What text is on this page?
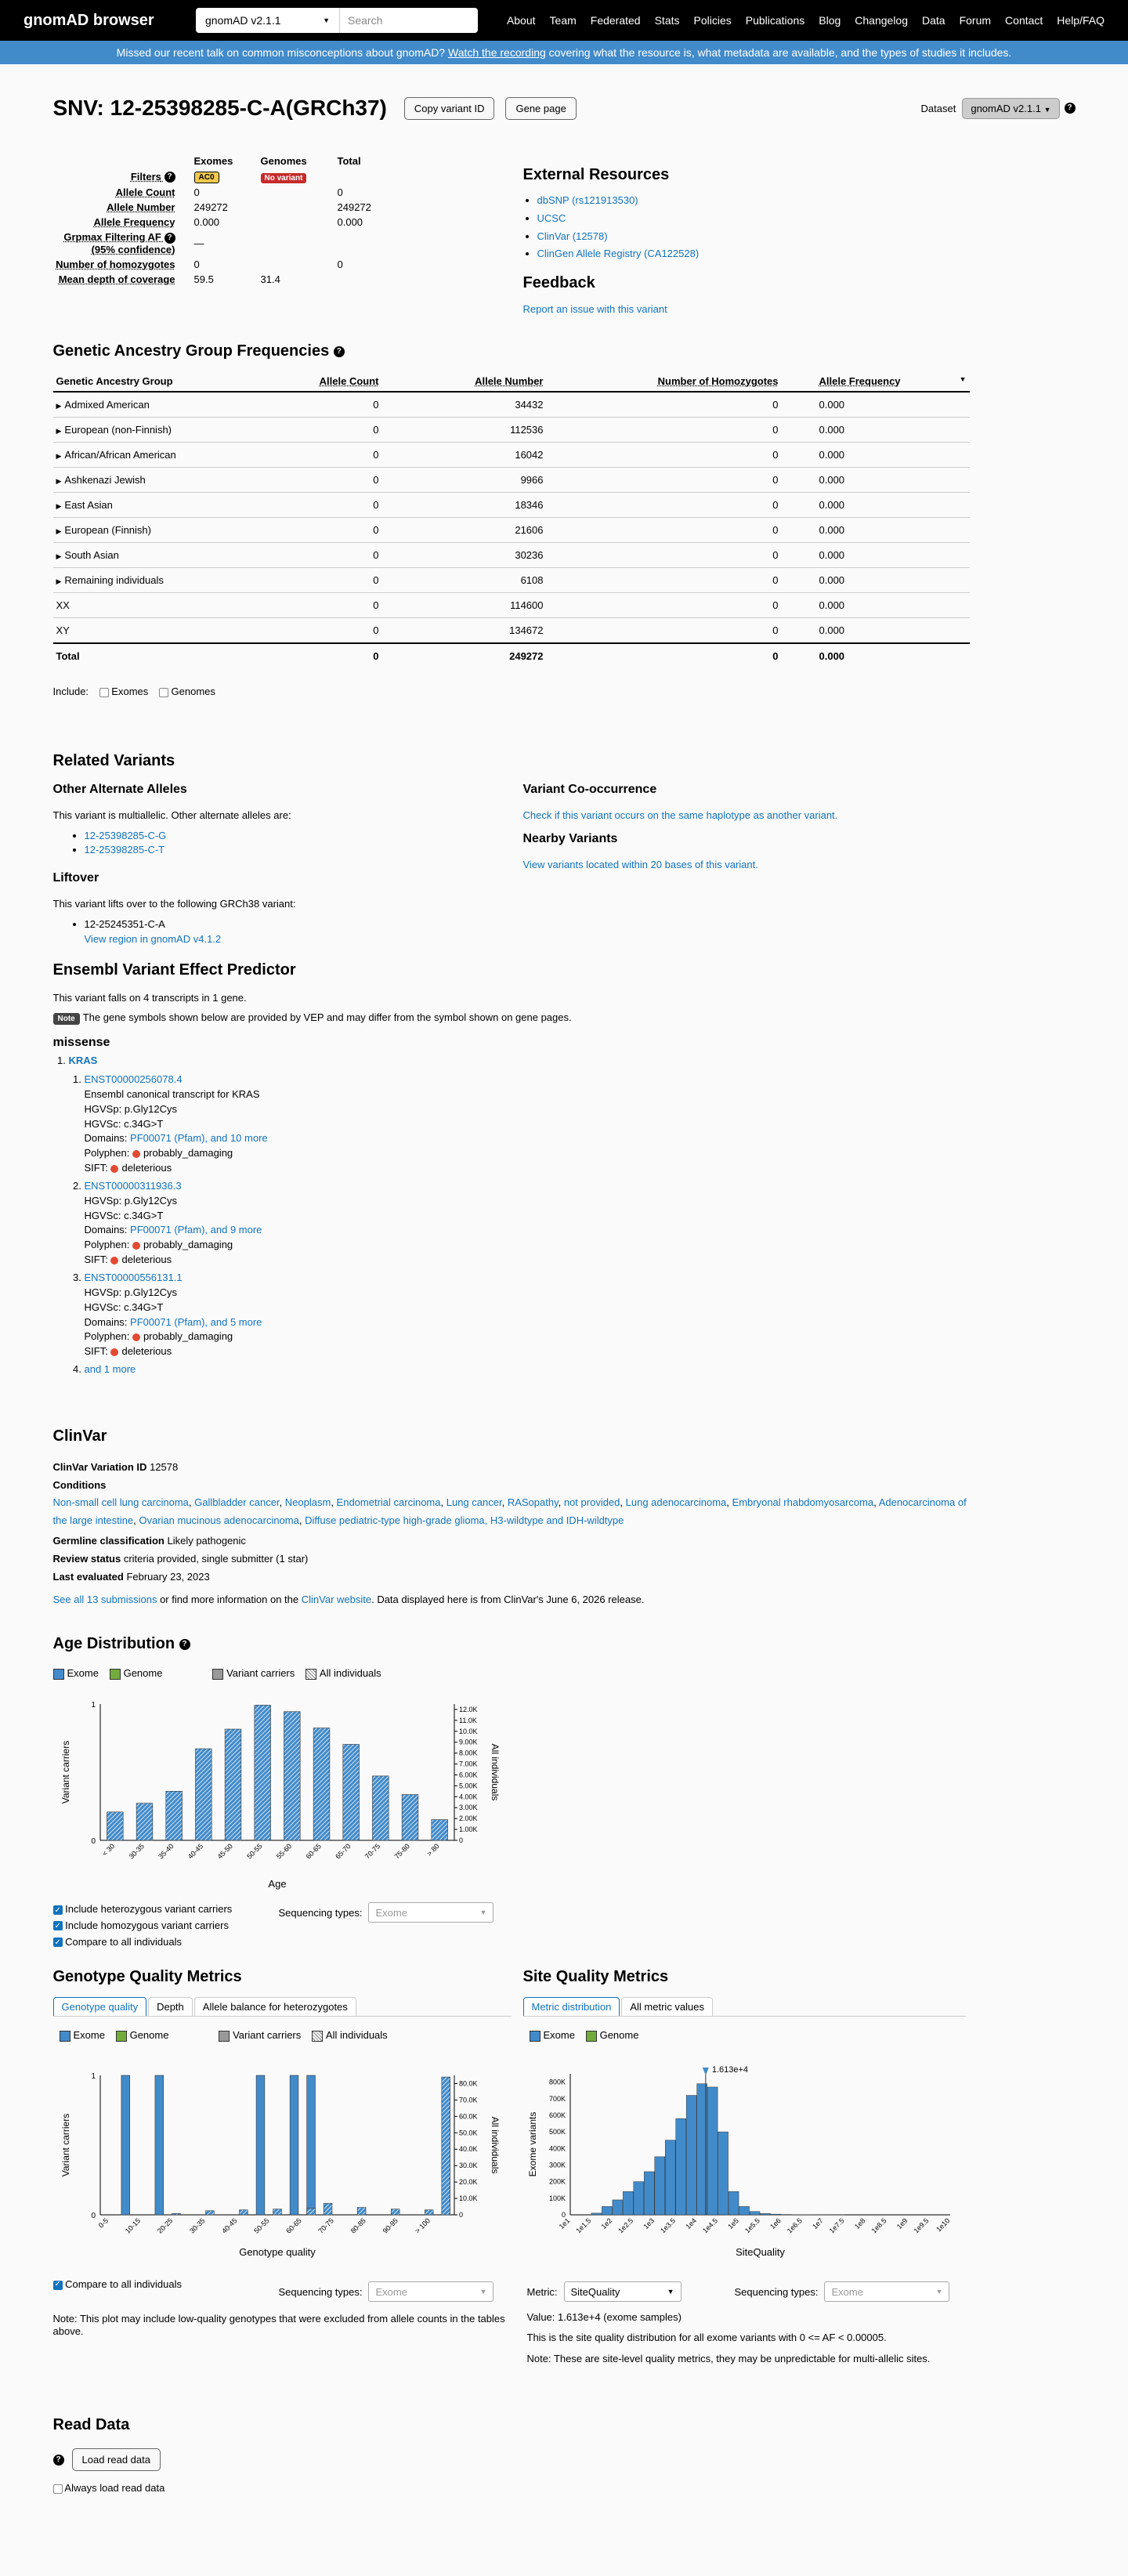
gnomAD browser	gnomAD v2.1.1	▼	Search	About Team Federated Stats Policies Publications Blog Changelog Data Forum Contact Help/FAQ
Missed our recent talk on common misconceptions about gnomAD?
Watch the recording
covering what the resource is, what metadata are available, and the types of studies it includes.
SNV: 12-25398285-C-A(GRCh37)	Copy variant ID	Gene page	Dataset	gnomAD v2.1.1 ▼	?
	Exomes	Genomes	Total
Filters ?	AC0	No variant	
Allele Count	0		0
Allele Number	249272		249272
Allele Frequency	0.000		0.000
Grpmax Filtering AF ?
(95% confidence)	—		
Number of homozygotes	0		0
Mean depth of coverage	59.5	31.4	
External Resources
• dbSNP (rs121913530)
• UCSC
• ClinVar (12578)
• ClinGen Allele Registry (CA122528)
Feedback
Report an issue with this variant
Genetic Ancestry Group Frequencies ?
Genetic Ancestry Group	Allele Count	Allele Number	Number of Homozygotes	Allele Frequency ▼

▶ Admixed American	0	34432	0	0.000
▶ European (non-Finnish)	0	112536	0	0.000
▶ African/African American	0	16042	0	0.000
▶ Ashkenazi Jewish	0	9966	0	0.000
▶ East Asian	0	18346	0	0.000
▶ European (Finnish)	0	21606	0	0.000
▶ South Asian	0	30236	0	0.000
▶ Remaining individuals	0	6108	0	0.000
XX	0	114600	0	0.000
XY	0	134672	0	0.000
Total	0	249272	0	0.000
Include: Exomes Genomes
Related Variants
Other Alternate Alleles

This variant is multiallelic. Other alternate alleles are:

• 12-25398285-C-G
• 12-25398285-C-T
Liftover

This variant lifts over to the following GRCh38 variant:

• 12-25245351-C-A
View region in gnomAD v4.1.2
Variant Co-occurrence

Check if this variant occurs on the same haplotype as another variant.

Nearby Variants

View variants located within 20 bases of this variant.

Ensembl Variant Effect Predictor

This variant falls on 4 transcripts in 1 gene.

Note The gene symbols shown below are provided by VEP and may differ from the symbol shown on gene pages.

missense
1. KRAS
1. ENST00000256078.4
Ensembl canonical transcript for KRAS
HGVSp: p.Gly12Cys
HGVSc: c.34G>T
Domains: PF00071 (Pfam), and 10 more
Polyphen: probably_damaging
SIFT: deleterious
2. ENST00000311936.3
HGVSp: p.Gly12Cys
HGVSc: c.34G>T
Domains: PF00071 (Pfam), and 9 more
Polyphen: probably_damaging
SIFT: deleterious
3. ENST00000556131.1
HGVSp: p.Gly12Cys
HGVSc: c.34G>T
Domains: PF00071 (Pfam), and 5 more
Polyphen: probably_damaging
SIFT: deleterious
4. and 1 more
ClinVar

ClinVar Variation ID 12578

Conditions

Non-small cell lung carcinoma, Gallbladder cancer, Neoplasm, Endometrial carcinoma, Lung cancer, RASopathy, not provided, Lung adenocarcinoma, Embryonal rhabdomyosarcoma, Adenocarcinoma of the large intestine, Ovarian mucinous adenocarcinoma, Diffuse pediatric-type high-grade glioma, H3-wildtype and IDH-wildtype

Germline classification Likely pathogenic

Review status criteria provided, single submitter (1 star)

Last evaluated February 23, 2023

See all 13 submissions or find more information on the ClinVar website. Data displayed here is from ClinVar's June 6, 2026 release.

Age Distribution ?
Exome Genome	Variant carriers All individuals
0
1
0
1.00K
2.00K
3.00K
4.00K
5.00K
6.00K
7.00K
8.00K
9.00K
10.0K
11.0K
12.0K
< 30 30-35 35-40 40-45 45-50 50-55 55-60 60-65 65-70 70-75 75-80 > 80
Age
Variant carriers	All individuals
✓ Include heterozygous variant carriers
✓ Include homozygous variant carriers
✓ Compare to all individuals
Sequencing types: Exome	▼
Genotype Quality Metrics
Genotype quality	Depth	Allele balance for heterozygotes
Exome Genome	Variant carriers All individuals
0
1
0
10.0K
20.0K
30.0K
40.0K
50.0K
60.0K
70.0K
80.0K
0-5 10-15 20-25 30-35 40-45 50-55 60-65 70-75 80-85 90-95 > 100
Genotype quality
Variant carriers	All individuals
✓ Compare to all individuals
Sequencing types: Exome	▼

Note: This plot may include low-quality genotypes that were excluded from allele counts in the tables above.

Site Quality Metrics
Metric distribution	All metric values
Exome Genome
0
100K
200K
300K
400K
500K
600K
700K
800K
1e1 1e1.5 1e2 1e2.5 1e3 1e3.5 1e4 1e4.5 1e5 1e5.5 1e6 1e6.5 1e7 1e7.5 1e8 1e8.5 1e9 1e9.5 1e10
1.613e+4
SiteQuality
Exome variants
Metric: SiteQuality	▼	Sequencing types: Exome	▼

Value: 1.613e+4 (exome samples)

This is the site quality distribution for all exome variants with 0 <= AF < 0.00005.

Note: These are site-level quality metrics, they may be unpredictable for multi-allelic sites.

Read Data
?	Load read data
Always load read data
